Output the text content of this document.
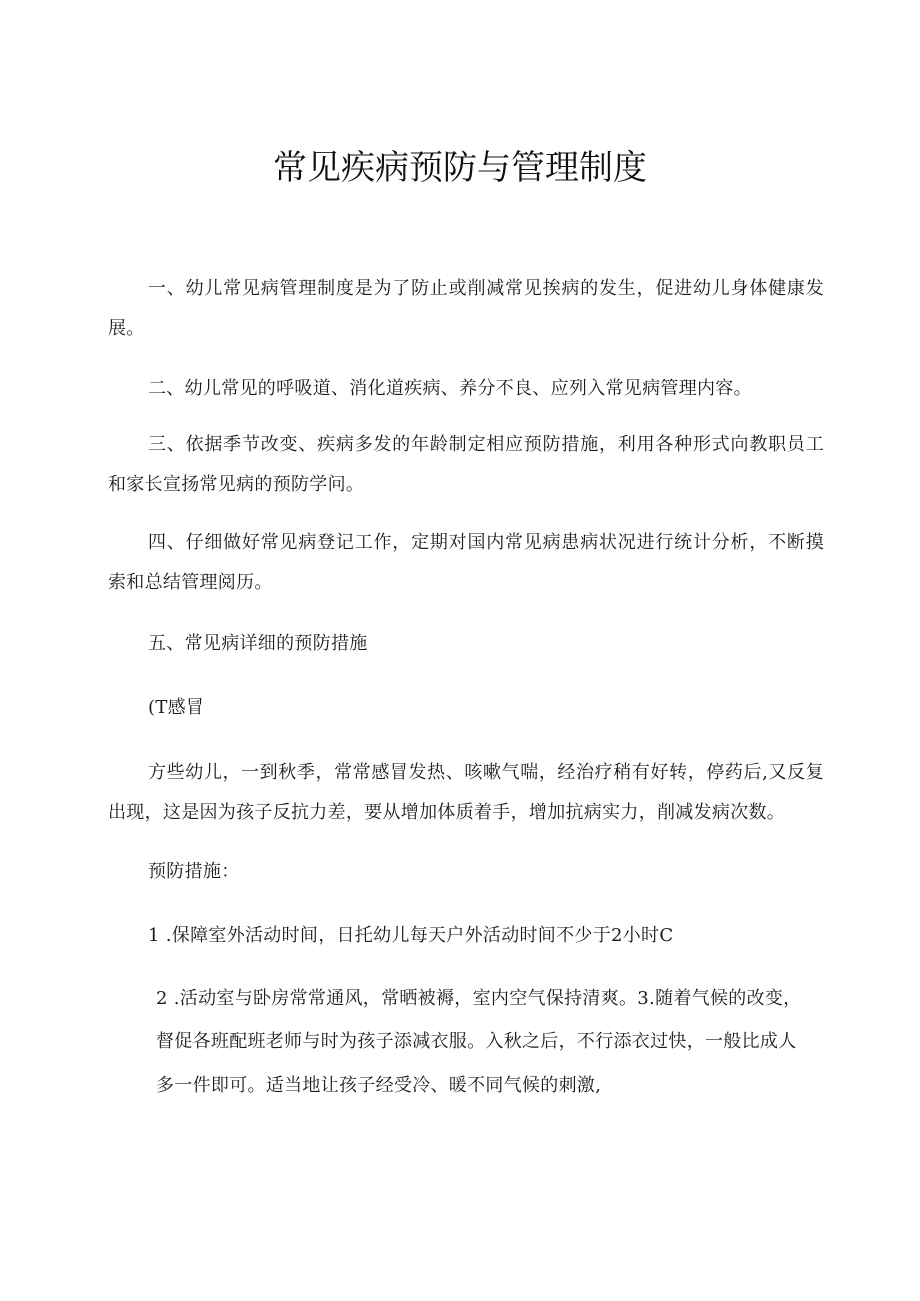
常见疾病预防与管理制度
一、幼儿常见病管理制度是为了防止或削减常见挨病的发生，促进幼儿身体健康发展。
二、幼儿常见的呼吸道、消化道疾病、养分不良、应列入常见病管理内容。
三、依据季节改变、疾病多发的年龄制定相应预防措施，利用各种形式向教职员工和家长宣扬常见病的预防学问。
四、仔细做好常见病登记工作，定期对国内常见病患病状况进行统计分析，不断摸索和总结管理阅历。
五、常见病详细的预防措施
(T感冒
方些幼儿，一到秋季，常常感冒发热、咳嗽气喘，经治疗稍有好转，停药后,又反复出现，这是因为孩子反抗力差，要从增加体质着手，增加抗病实力，削减发病次数。
预防措施：
1 .保障室外活动时间，日托幼儿每天户外活动时间不少于2小时C
2 .活动室与卧房常常通风，常晒被褥，室内空气保持清爽。3.随着气候的改变，
督促各班配班老师与时为孩子添减衣服。入秋之后，不行添衣过快，一般比成人
多一件即可。适当地让孩子经受冷、暖不同气候的刺激,
